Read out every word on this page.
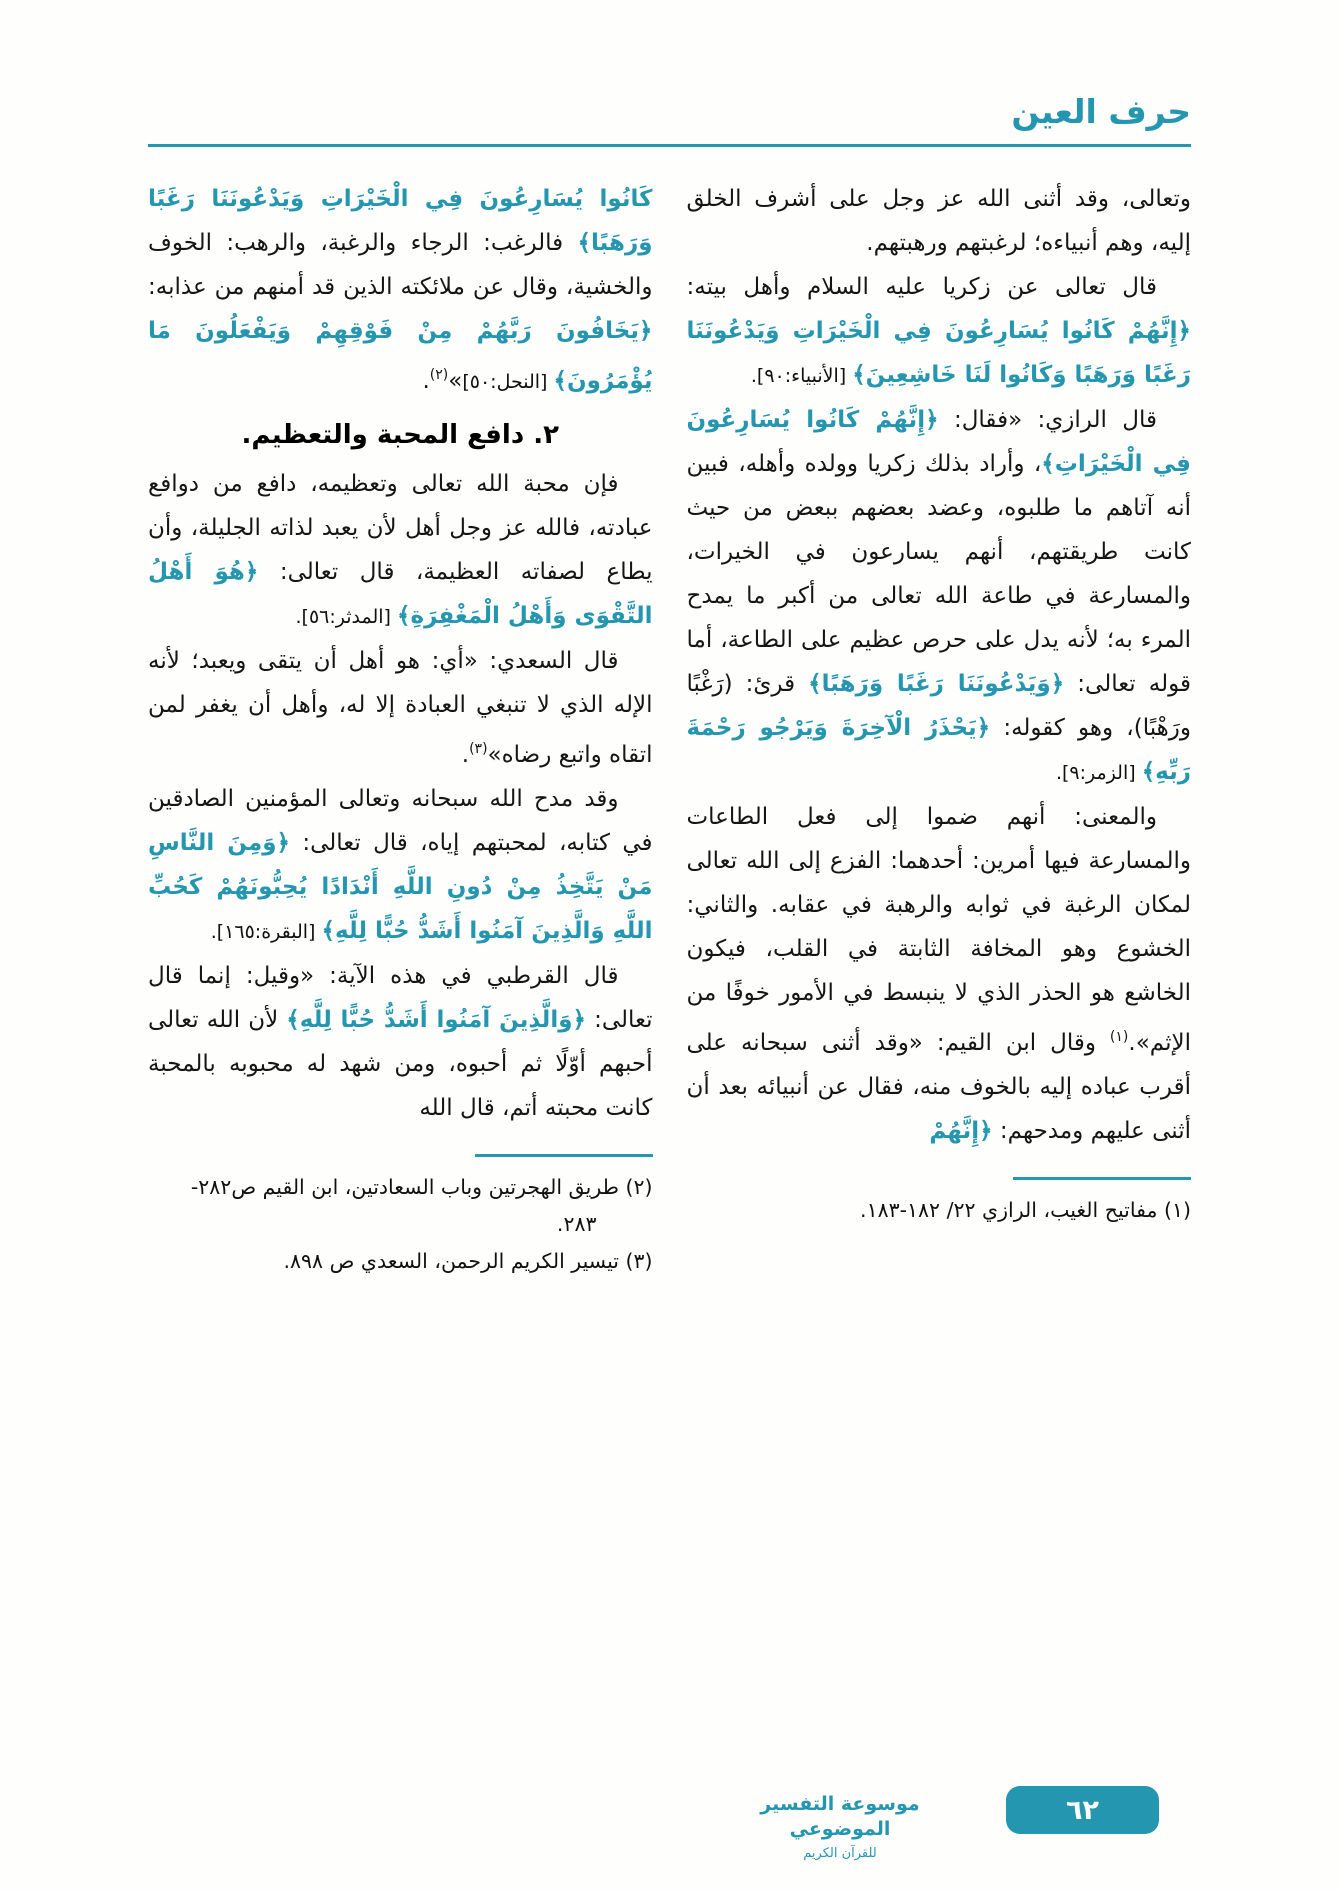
حرف العين

وتعالى، وقد أثنى الله عز وجل على أشرف الخلق إليه، وهم أنبياءه؛ لرغبتهم ورهبتهم.

قال تعالى عن زكريا عليه السلام وأهل بيته: ﴿إِنَّهُمْ كَانُوا يُسَارِعُونَ فِي الْخَيْرَاتِ وَيَدْعُونَنَا رَغَبًا وَرَهَبًا وَكَانُوا لَنَا خَاشِعِينَ﴾ [الأنبياء:٩٠].

قال الرازي: «فقال: ﴿إِنَّهُمْ كَانُوا يُسَارِعُونَ فِي الْخَيْرَاتِ﴾، وأراد بذلك زكريا وولده وأهله، فبين أنه آتاهم ما طلبوه، وعضد بعضهم ببعض من حيث كانت طريقتهم، أنهم يسارعون في الخيرات، والمسارعة في طاعة الله تعالى من أكبر ما يمدح المرء به؛ لأنه يدل على حرص عظيم على الطاعة، أما قوله تعالى: ﴿وَيَدْعُونَنَا رَغَبًا وَرَهَبًا﴾ قرئ: (رَغْبًا ورَهْبًا)، وهو كقوله: ﴿يَحْذَرُ الْآخِرَةَ وَيَرْجُو رَحْمَةَ رَبِّهِ﴾ [الزمر:٩].

والمعنى: أنهم ضموا إلى فعل الطاعات والمسارعة فيها أمرين: أحدهما: الفزع إلى الله تعالى لمكان الرغبة في ثوابه والرهبة في عقابه. والثاني: الخشوع وهو المخافة الثابتة في القلب، فيكون الخاشع هو الحذر الذي لا ينبسط في الأمور خوفًا من الإثم».$^{(١)}$ وقال ابن القيم: «وقد أثنى سبحانه على أقرب عباده إليه بالخوف منه، فقال عن أنبيائه بعد أن أثنى عليهم ومدحهم: ﴿إِنَّهُمْ

(١) مفاتيح الغيب، الرازي ٢٢/ ١٨٢-١٨٣.

كَانُوا يُسَارِعُونَ فِي الْخَيْرَاتِ وَيَدْعُونَنَا رَغَبًا وَرَهَبًا﴾ فالرغب: الرجاء والرغبة، والرهب: الخوف والخشية، وقال عن ملائكته الذين قد أمنهم من عذابه: ﴿يَخَافُونَ رَبَّهُمْ مِنْ فَوْقِهِمْ وَيَفْعَلُونَ مَا يُؤْمَرُونَ﴾ [النحل:٥٠]»$^{(٢)}$.

٢. دافع المحبة والتعظيم.

فإن محبة الله تعالى وتعظيمه، دافع من دوافع عبادته، فالله عز وجل أهل لأن يعبد لذاته الجليلة، وأن يطاع لصفاته العظيمة، قال تعالى: ﴿هُوَ أَهْلُ التَّقْوَى وَأَهْلُ الْمَغْفِرَةِ﴾ [المدثر:٥٦].

قال السعدي: «أي: هو أهل أن يتقى ويعبد؛ لأنه الإله الذي لا تنبغي العبادة إلا له، وأهل أن يغفر لمن اتقاه واتبع رضاه»$^{(٣)}$.

وقد مدح الله سبحانه وتعالى المؤمنين الصادقين في كتابه، لمحبتهم إياه، قال تعالى: ﴿وَمِنَ النَّاسِ مَنْ يَتَّخِذُ مِنْ دُونِ اللَّهِ أَنْدَادًا يُحِبُّونَهُمْ كَحُبِّ اللَّهِ وَالَّذِينَ آمَنُوا أَشَدُّ حُبًّا لِلَّهِ﴾ [البقرة:١٦٥].

قال القرطبي في هذه الآية: «وقيل: إنما قال تعالى: ﴿وَالَّذِينَ آمَنُوا أَشَدُّ حُبًّا لِلَّهِ﴾ لأن الله تعالى أحبهم أوّلًا ثم أحبوه، ومن شهد له محبوبه بالمحبة كانت محبته أتم، قال الله

(٢) طريق الهجرتين وباب السعادتين، ابن القيم ص٢٨٢- ٢٨٣.
(٣) تيسير الكريم الرحمن، السعدي ص ٨٩٨.
موسوعة التفسير الموضوعي
للقرآن الكريم
٦٢
